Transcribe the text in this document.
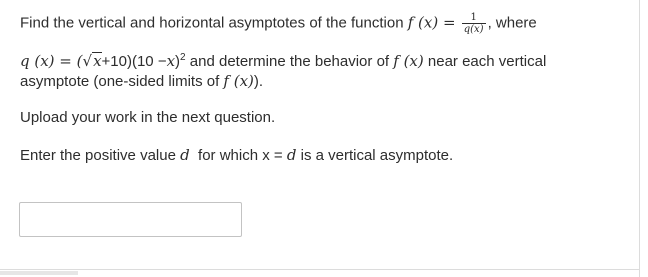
Find the vertical and horizontal asymptotes of the function f $(x) = \frac{1}{q(x)}$ , where
q $(x) = (√x+10)(10 -x)^2$ and determine the behavior of f (x) near each vertical
asymptote (one-sided limits of f (x)).
Upload your work in the next question.
Enter the positive value d  for which x = d is a vertical asymptote.
